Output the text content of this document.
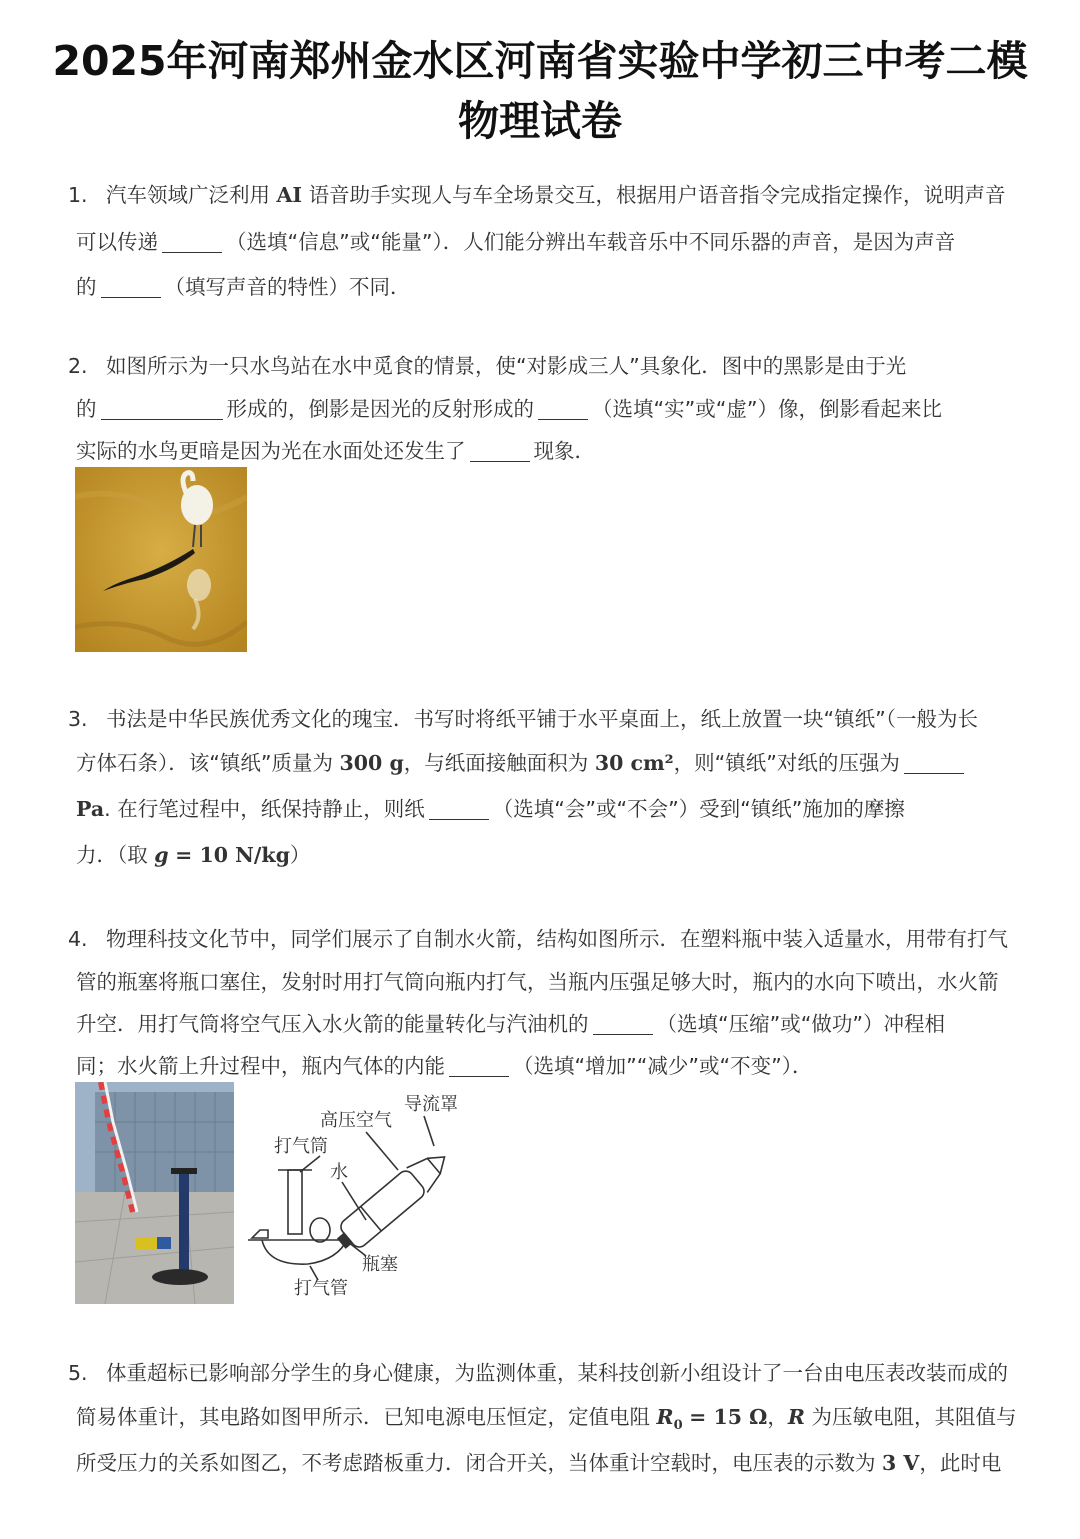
2025年河南郑州金水区河南省实验中学初三中考二模
物理试卷
1. 汽车领域广泛利用 AI 语音助手实现人与车全场景交互，根据用户语音指令完成指定操作，说明声音
可以传递	（选填“信息”或“能量”）．人们能分辨出车载音乐中不同乐器的声音，是因为声音
的	（填写声音的特性）不同．
2. 如图所示为一只水鸟站在水中觅食的情景，使“对影成三人”具象化．图中的黑影是由于光
的	形成的，倒影是因光的反射形成的	（选填“实”或“虚”）像，倒影看起来比
实际的水鸟更暗是因为光在水面处还发生了	现象．
3. 书法是中华民族优秀文化的瑰宝．书写时将纸平铺于水平桌面上，纸上放置一块“镇纸”（一般为长
方体石条）．该“镇纸”质量为 300 g，与纸面接触面积为 30 cm²，则“镇纸”对纸的压强为
Pa. 在行笔过程中，纸保持静止，则纸	（选填“会”或“不会”）受到“镇纸”施加的摩擦
力．（取 g = 10 N/kg）
4. 物理科技文化节中，同学们展示了自制水火箭，结构如图所示．在塑料瓶中装入适量水，用带有打气
管的瓶塞将瓶口塞住，发射时用打气筒向瓶内打气，当瓶内压强足够大时，瓶内的水向下喷出，水火箭
升空．用打气筒将空气压入水火箭的能量转化与汽油机的	（选填“压缩”或“做功”）冲程相
同；水火箭上升过程中，瓶内气体的内能	（选填“增加”“减少”或“不变”）．
导流罩
高压空气
打气筒
水
瓶塞
打气管
5. 体重超标已影响部分学生的身心健康，为监测体重，某科技创新小组设计了一台由电压表改装而成的
简易体重计，其电路如图甲所示．已知电源电压恒定，定值电阻 $R_0 = 15$ Ω，R 为压敏电阻，其阻值与
所受压力的关系如图乙，不考虑踏板重力．闭合开关，当体重计空载时，电压表的示数为 3 V，此时电
